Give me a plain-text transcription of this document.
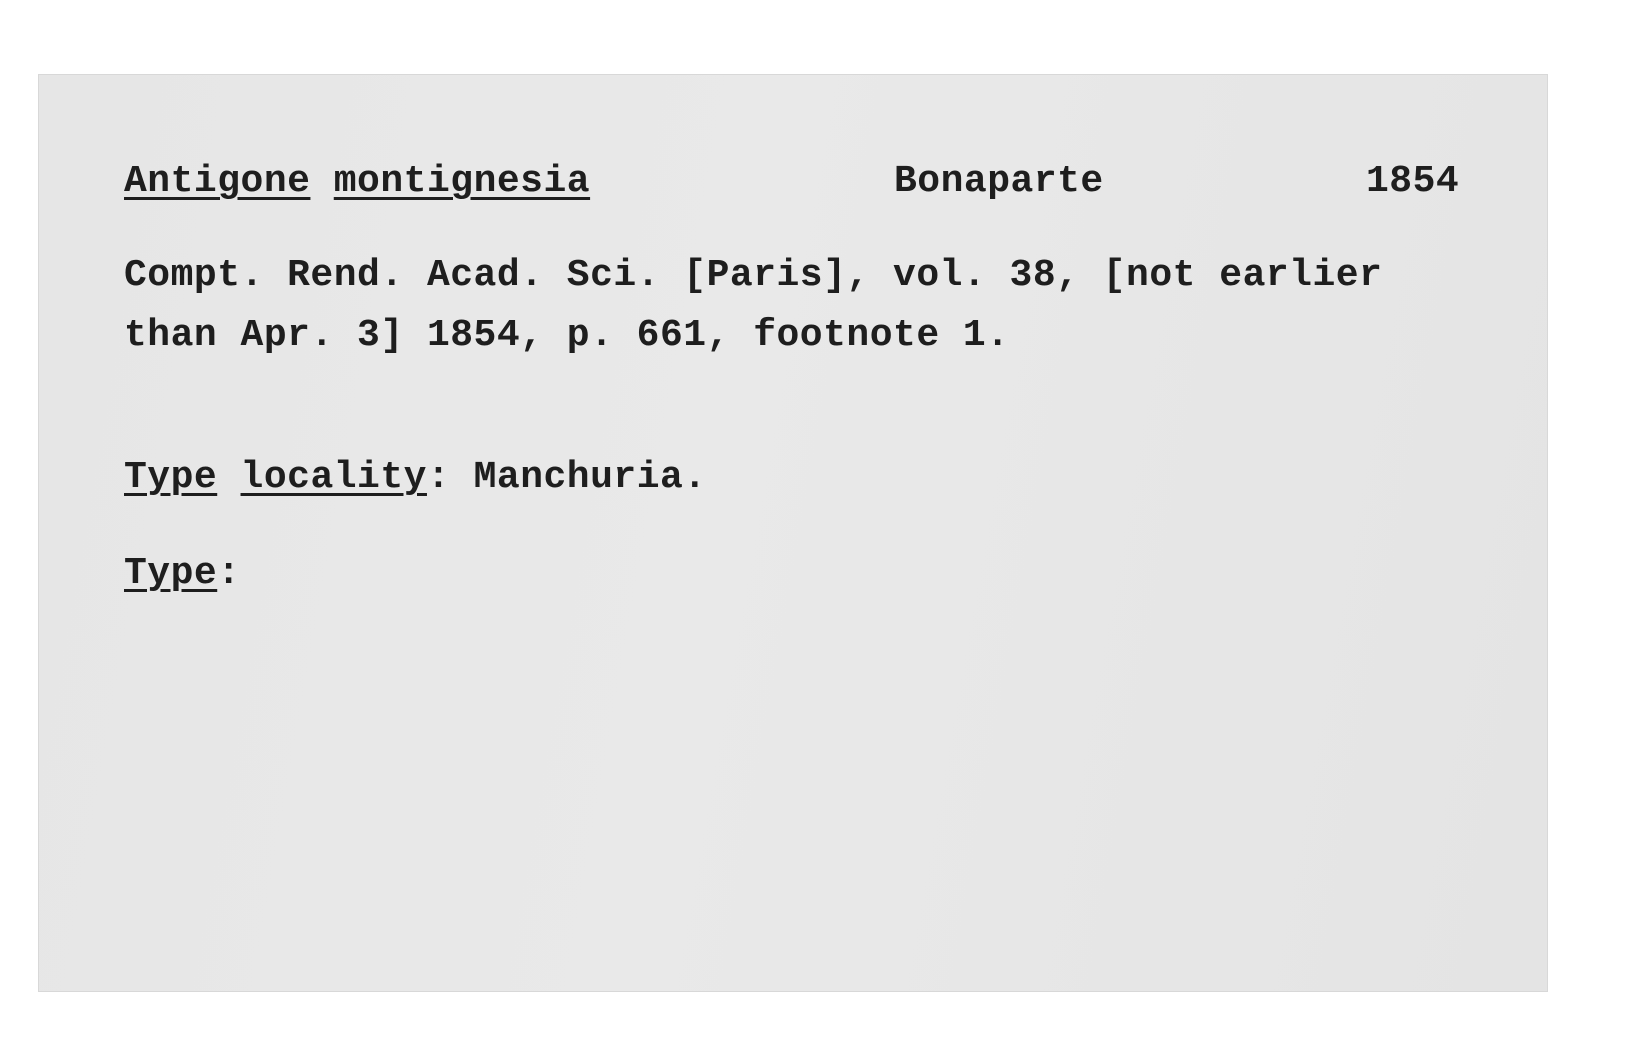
Antigone montignesia	Bonaparte	1854
Compt. Rend. Acad. Sci. [Paris], vol. 38, [not earlier
than Apr. 3] 1854, p. 661, footnote 1.
Type locality: Manchuria.
Type:
